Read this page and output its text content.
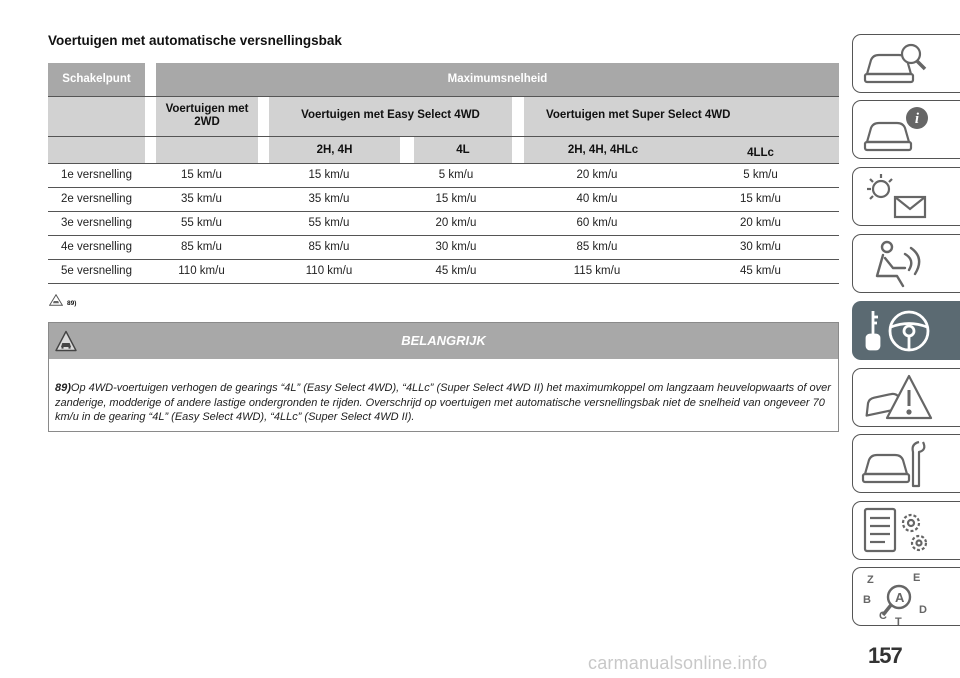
Voertuigen met automatische versnellingsbak
Schakelpunt		Maximumsnelheid							
		Voertuigen met 2WD		Voertuigen met Easy Select 4WD				Voertuigen met Super Select 4WD	
				2H, 4H		4L		2H, 4H, 4HLc	4LLc
1e versnelling	15 km/u		15 km/u		5 km/u		20 km/u		5 km/u
2e versnelling	35 km/u		35 km/u		15 km/u		40 km/u		15 km/u
3e versnelling	55 km/u		55 km/u		20 km/u		60 km/u		20 km/u
4e versnelling	85 km/u		85 km/u		30 km/u		85 km/u		30 km/u
5e versnelling	110 km/u		110 km/u		45 km/u		115 km/u		45 km/u
89)
BELANGRIJK

89)Op 4WD-voertuigen verhogen de gearings “4L” (Easy Select 4WD), “4LLc” (Super Select 4WD II) het maximumkoppel om langzaam heuvelopwaarts of over zanderige, modderige of andere lastige ondergronden te rijden. Overschrijd op voertuigen met automatische versnellingsbak niet de snelheid van ongeveer 70 km/u in de gearing “4L” (Easy Select 4WD), “4LLc” (Super Select 4WD II).

i
Z	E
B
D
C T
A
157
carmanualsonline.info
